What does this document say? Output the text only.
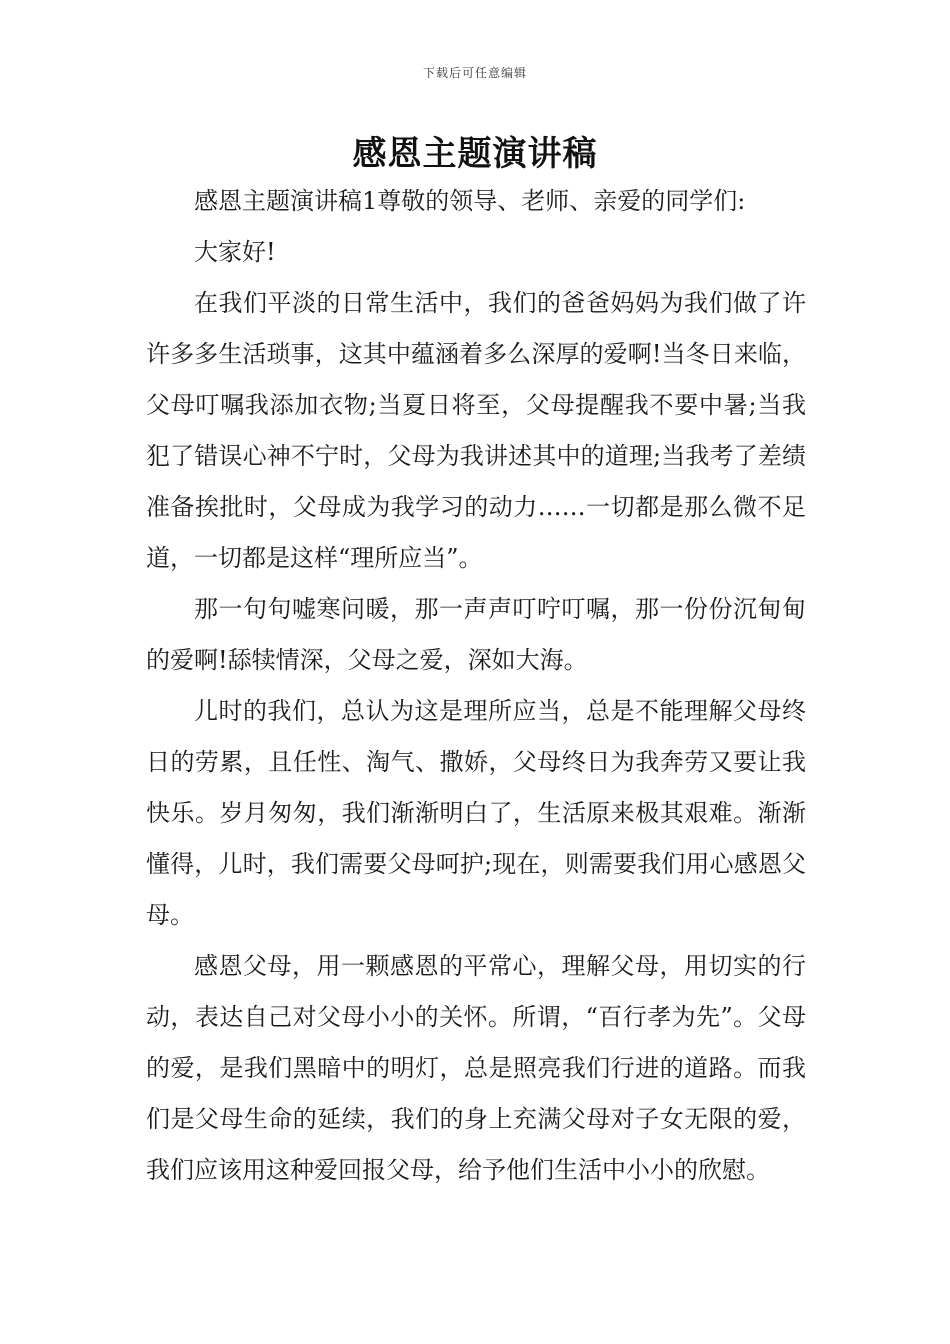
下载后可任意编辑
感恩主题演讲稿

感恩主题演讲稿1尊敬的领导、老师、亲爱的同学们:

大家好!

在我们平淡的日常生活中，我们的爸爸妈妈为我们做了许许多多生活琐事，这其中蕴涵着多么深厚的爱啊!当冬日来临，父母叮嘱我添加衣物;当夏日将至，父母提醒我不要中暑;当我犯了错误心神不宁时，父母为我讲述其中的道理;当我考了差绩准备挨批时，父母成为我学习的动力……一切都是那么微不足道，一切都是这样“理所应当”。

那一句句嘘寒问暖，那一声声叮咛叮嘱，那一份份沉甸甸的爱啊!舔犊情深，父母之爱，深如大海。

儿时的我们，总认为这是理所应当，总是不能理解父母终日的劳累，且任性、淘气、撒娇，父母终日为我奔劳又要让我快乐。岁月匆匆，我们渐渐明白了，生活原来极其艰难。渐渐懂得，儿时，我们需要父母呵护;现在，则需要我们用心感恩父母。

感恩父母，用一颗感恩的平常心，理解父母，用切实的行动，表达自己对父母小小的关怀。所谓，“百行孝为先”。父母的爱，是我们黑暗中的明灯，总是照亮我们行进的道路。而我们是父母生命的延续，我们的身上充满父母对子女无限的爱，我们应该用这种爱回报父母，给予他们生活中小小的欣慰。
